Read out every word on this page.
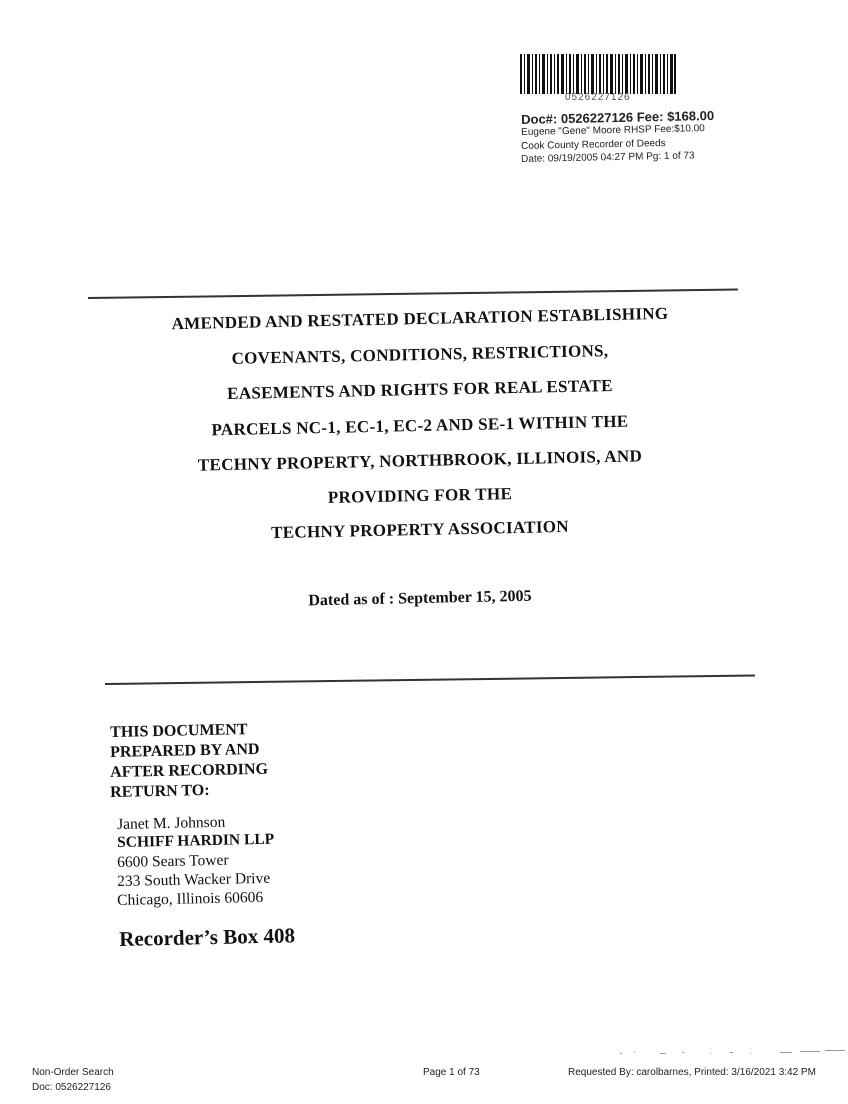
0526227126
Doc#: 0526227126 Fee: $168.00
Eugene "Gene" Moore RHSP Fee:$10.00
Cook County Recorder of Deeds
Date: 09/19/2005 04:27 PM Pg: 1 of 73
AMENDED AND RESTATED DECLARATION ESTABLISHING
COVENANTS, CONDITIONS, RESTRICTIONS,
EASEMENTS AND RIGHTS FOR REAL ESTATE
PARCELS NC-1, EC-1, EC-2 AND SE-1 WITHIN THE
TECHNY PROPERTY, NORTHBROOK, ILLINOIS, AND
PROVIDING FOR THE
TECHNY PROPERTY ASSOCIATION
Dated as of : September 15, 2005
THIS DOCUMENT
PREPARED BY AND
AFTER RECORDING
RETURN TO:
Janet M. Johnson
SCHIFF HARDIN LLP
6600 Sears Tower
233 South Wacker Drive
Chicago, Illinois 60606
Recorder’s Box 408
Non-Order Search
Doc: 0526227126
Page 1 of 73	Requested By: carolbarnes, Printed: 3/16/2021 3:42 PM
